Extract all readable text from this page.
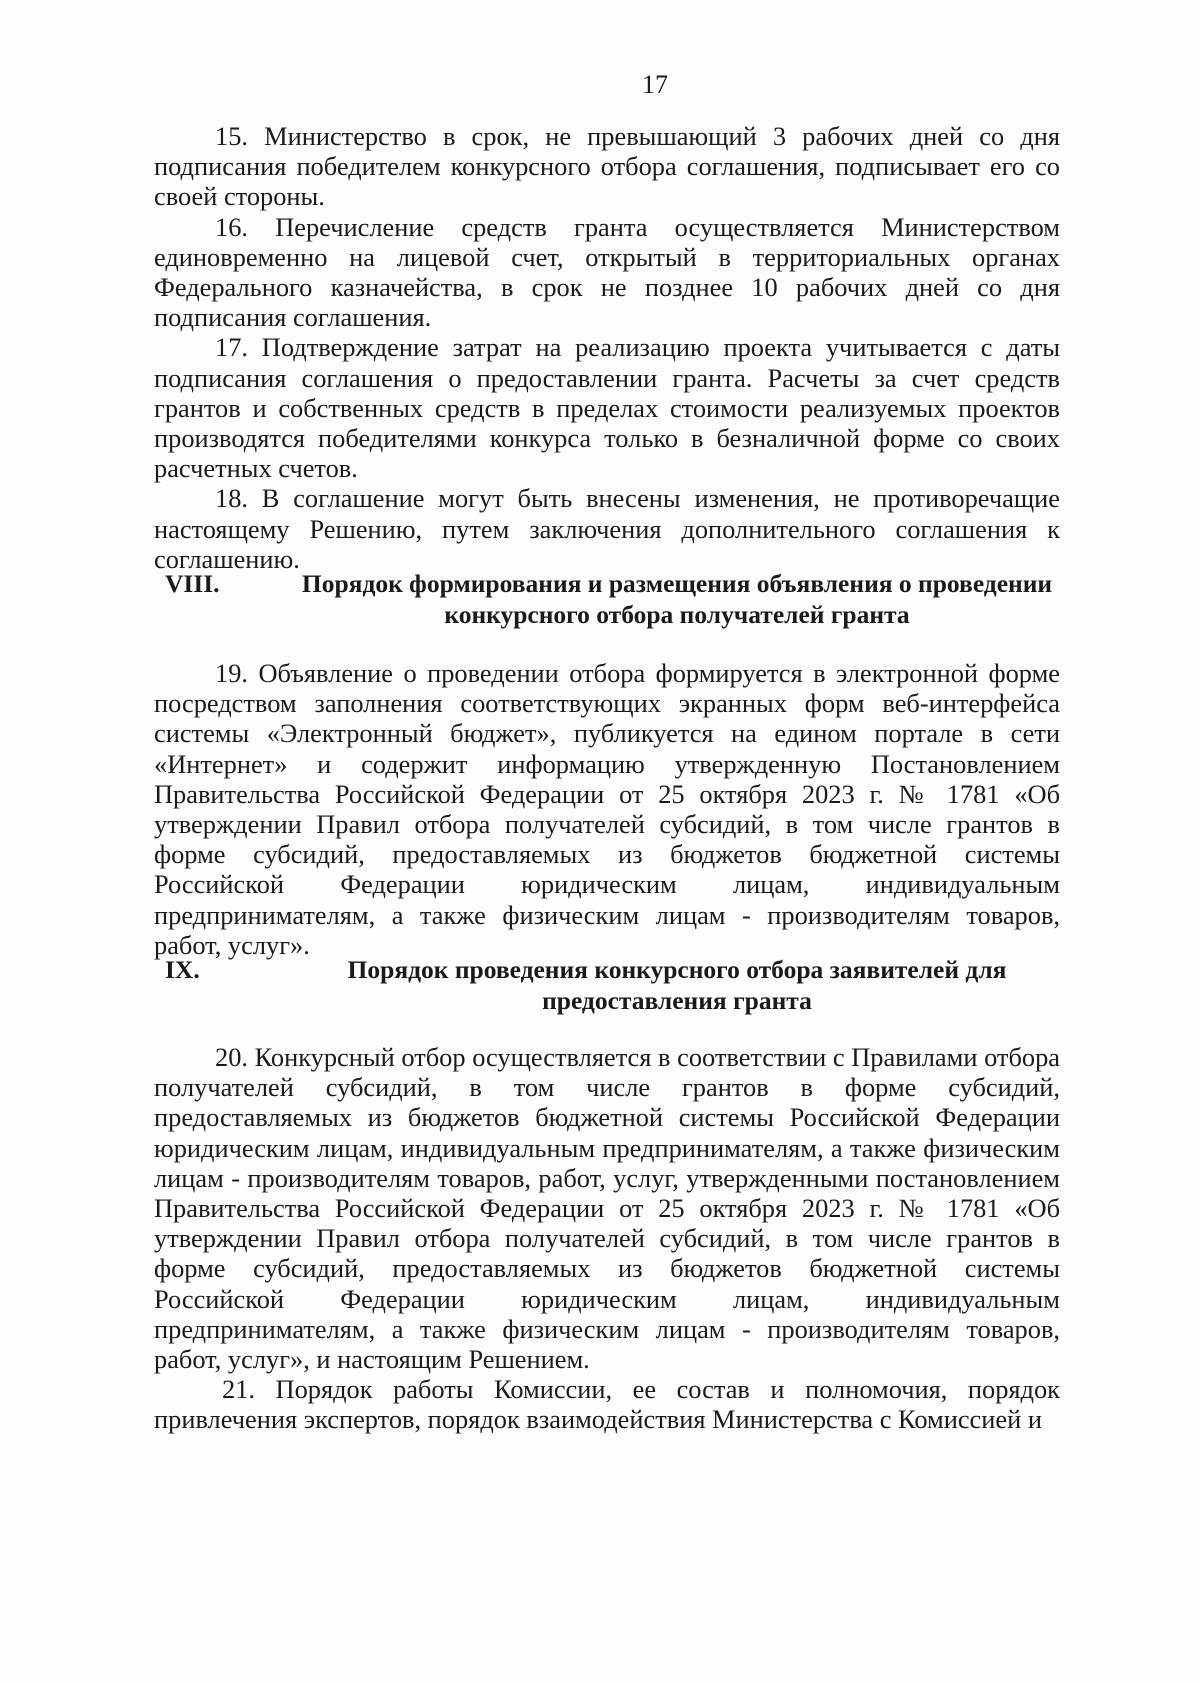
17

15. Министерство в срок, не превышающий 3 рабочих дней со дня подписания победителем конкурсного отбора соглашения, подписывает его со своей стороны.

16. Перечисление средств гранта осуществляется Министерством единовременно на лицевой счет, открытый в территориальных органах Федерального казначейства, в срок не позднее 10 рабочих дней со дня подписания соглашения.

17. Подтверждение затрат на реализацию проекта учитывается с даты подписания соглашения о предоставлении гранта. Расчеты за счет средств грантов и собственных средств в пределах стоимости реализуемых проектов производятся победителями конкурса только в безналичной форме со своих расчетных счетов.

18. В соглашение могут быть внесены изменения, не противоречащие настоящему Решению, путем заключения дополнительного соглашения к соглашению.

VIII.	Порядок формирования и размещения объявления о проведении конкурсного отбора получателей гранта

19. Объявление о проведении отбора формируется в электронной форме посредством заполнения соответствующих экранных форм веб-интерфейса системы «Электронный бюджет», публикуется на едином портале в сети «Интернет» и содержит информацию утвержденную Постановлением Правительства Российской Федерации от 25 октября 2023 г. № 1781 «Об утверждении Правил отбора получателей субсидий, в том числе грантов в форме субсидий, предоставляемых из бюджетов бюджетной системы Российской Федерации юридическим лицам, индивидуальным предпринимателям, а также физическим лицам - производителям товаров, работ, услуг».

IX.	Порядок проведения конкурсного отбора заявителей для предоставления гранта

20. Конкурсный отбор осуществляется в соответствии с Правилами отбора получателей субсидий, в том числе грантов в форме субсидий, предоставляемых из бюджетов бюджетной системы Российской Федерации юридическим лицам, индивидуальным предпринимателям, а также физическим лицам - производителям товаров, работ, услуг, утвержденными постановлением Правительства Российской Федерации от 25 октября 2023 г. № 1781 «Об утверждении Правил отбора получателей субсидий, в том числе грантов в форме субсидий, предоставляемых из бюджетов бюджетной системы Российской Федерации юридическим лицам, индивидуальным предпринимателям, а также физическим лицам - производителям товаров, работ, услуг», и настоящим Решением.

21. Порядок работы Комиссии, ее состав и полномочия, порядок привлечения экспертов, порядок взаимодействия Министерства с Комиссией и
